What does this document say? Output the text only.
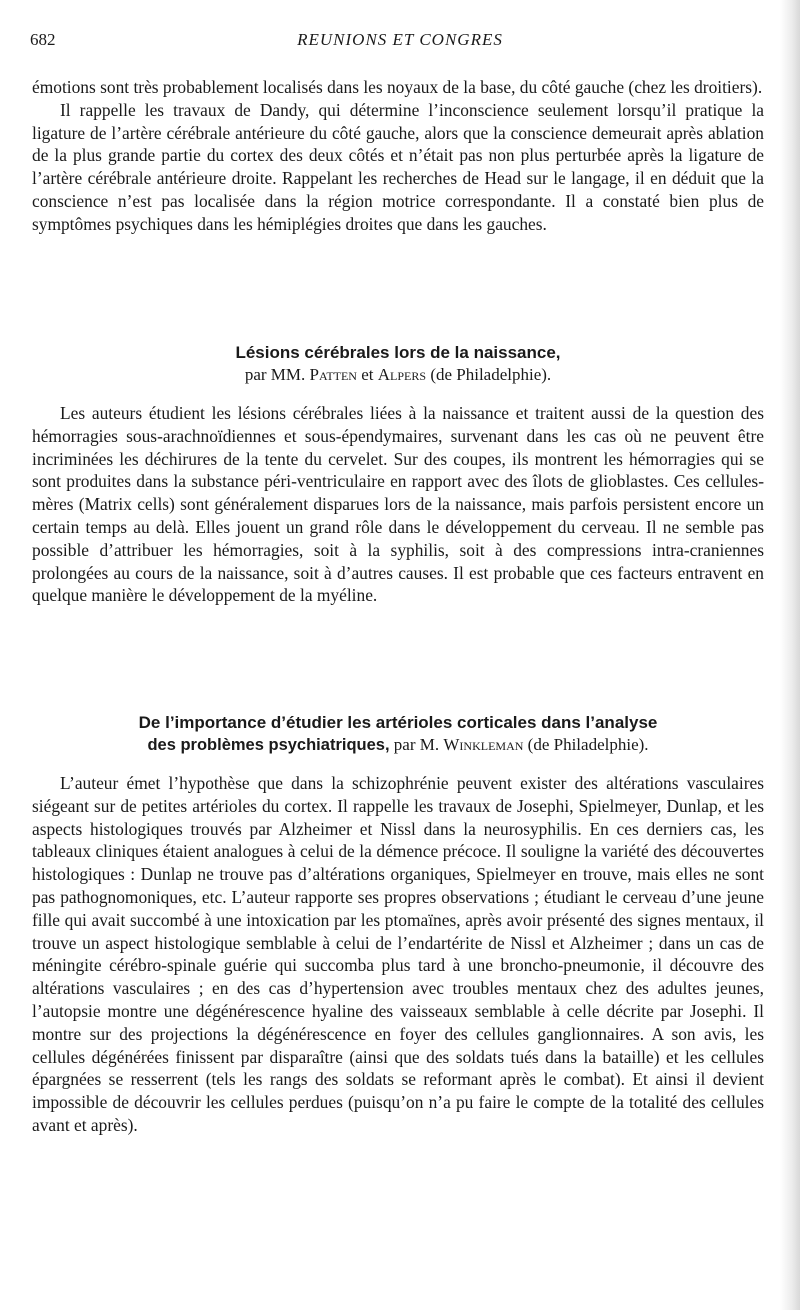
682	REUNIONS ET CONGRES

émotions sont très probablement localisés dans les noyaux de la base, du côté gauche (chez les droitiers).

Il rappelle les travaux de Dandy, qui détermine l’inconscience seulement lorsqu’il pratique la ligature de l’artère cérébrale antérieure du côté gauche, alors que la conscience demeurait après ablation de la plus grande partie du cortex des deux côtés et n’était pas non plus perturbée après la ligature de l’artère cérébrale antérieure droite. Rappelant les recherches de Head sur le langage, il en déduit que la conscience n’est pas localisée dans la région motrice correspondante. Il a constaté bien plus de symptômes psychiques dans les hémiplégies droites que dans les gauches.

Lésions cérébrales lors de la naissance,
par MM. Patten et Alpers (de Philadelphie).

Les auteurs étudient les lésions cérébrales liées à la naissance et traitent aussi de la question des hémorragies sous-arachnoïdiennes et sous-épendymaires, survenant dans les cas où ne peuvent être incriminées les déchirures de la tente du cervelet. Sur des coupes, ils montrent les hémorragies qui se sont produites dans la substance péri-ventriculaire en rapport avec des îlots de glioblastes. Ces cellules-mères (Matrix cells) sont généralement disparues lors de la naissance, mais parfois persistent encore un certain temps au delà. Elles jouent un grand rôle dans le développement du cerveau. Il ne semble pas possible d’attribuer les hémorragies, soit à la syphilis, soit à des compressions intra-craniennes prolongées au cours de la naissance, soit à d’autres causes. Il est probable que ces facteurs entravent en quelque manière le développement de la myéline.

De l’importance d’étudier les artérioles corticales dans l’analyse
des problèmes psychiatriques, par M. Winkleman (de Philadelphie).

L’auteur émet l’hypothèse que dans la schizophrénie peuvent exister des altérations vasculaires siégeant sur de petites artérioles du cortex. Il rappelle les travaux de Josephi, Spielmeyer, Dunlap, et les aspects histologiques trouvés par Alzheimer et Nissl dans la neurosyphilis. En ces derniers cas, les tableaux cliniques étaient analogues à celui de la démence précoce. Il souligne la variété des découvertes histologiques : Dunlap ne trouve pas d’altérations organiques, Spielmeyer en trouve, mais elles ne sont pas pathognomoniques, etc. L’auteur rapporte ses propres observations ; étudiant le cerveau d’une jeune fille qui avait succombé à une intoxication par les ptomaïnes, après avoir présenté des signes mentaux, il trouve un aspect histologique semblable à celui de l’endartérite de Nissl et Alzheimer ; dans un cas de méningite cérébro-spinale guérie qui succomba plus tard à une broncho-pneumonie, il découvre des altérations vasculaires ; en des cas d’hypertension avec troubles mentaux chez des adultes jeunes, l’autopsie montre une dégénérescence hyaline des vaisseaux semblable à celle décrite par Josephi. Il montre sur des projections la dégénérescence en foyer des cellules ganglionnaires. A son avis, les cellules dégénérées finissent par disparaître (ainsi que des soldats tués dans la bataille) et les cellules épargnées se resserrent (tels les rangs des soldats se reformant après le combat). Et ainsi il devient impossible de découvrir les cellules perdues (puisqu’on n’a pu faire le compte de la totalité des cellules avant et après).
